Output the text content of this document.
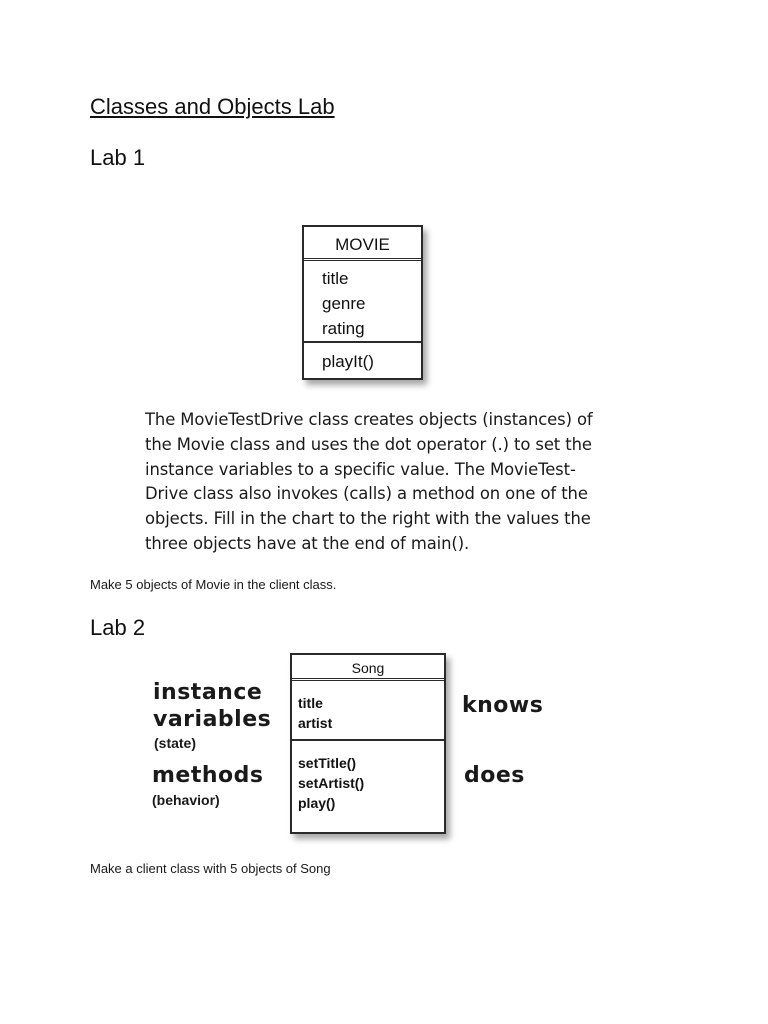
Classes and Objects Lab
Lab 1
MOVIE
title
genre
rating
playIt()
The MovieTestDrive class creates objects (instances) of
the Movie class and uses the dot operator (.) to set the
instance variables to a specific value. The MovieTest-
Drive class also invokes (calls) a method on one of the
objects. Fill in the chart to the right with the values the
three objects have at the end of main().
Make 5 objects of Movie in the client class.
Lab 2
instance
variables
(state)
methods
(behavior)
Song
title
artist
setTitle()
setArtist()
play()
knows
does
Make a client class with 5 objects of Song
